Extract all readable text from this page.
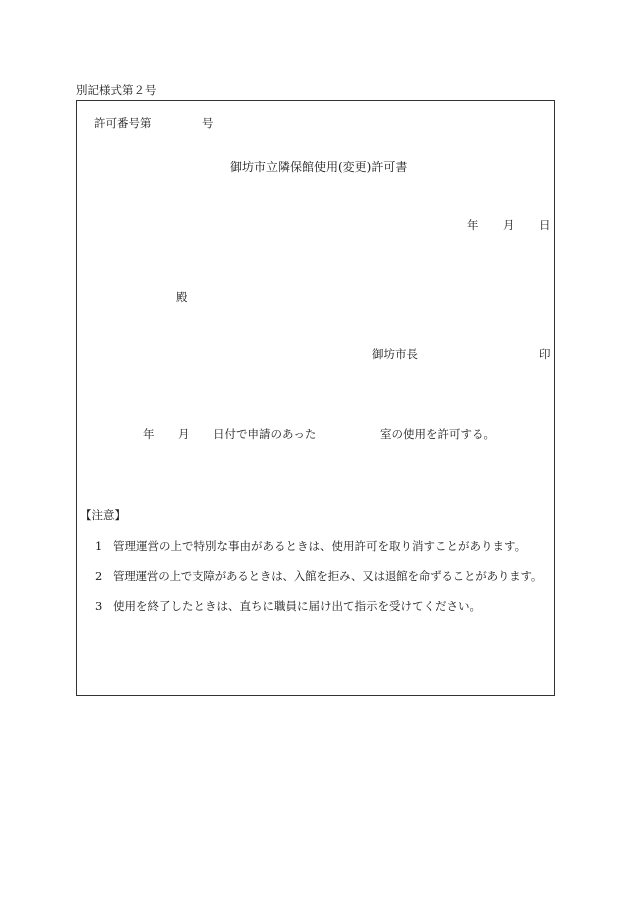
別記様式第２号
許可番号第	号
御坊市立隣保館使用(変更)許可書
年 月 日
殿
御坊市長	印
年 月 日付で申請のあった	室の使用を許可する。
【注意】
1 管理運営の上で特別な事由があるときは、使用許可を取り消すことがあります。
2 管理運営の上で支障があるときは、入館を拒み、又は退館を命ずることがあります。
3 使用を終了したときは、直ちに職員に届け出て指示を受けてください。
